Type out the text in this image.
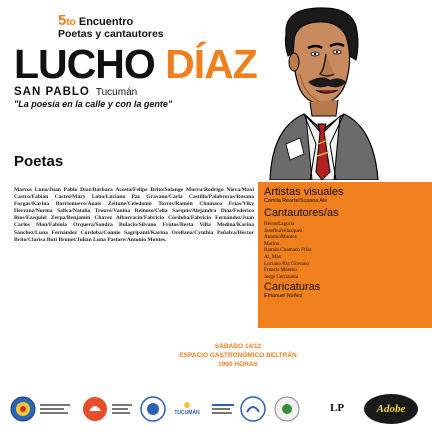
5to Encuentro
Poetas y cantautores
LUCHO DÍAZ
SAN PABLO Tucumán
"La poesía en la calle y con la gente"
Poetas
Marcos Luna/Juan Pablo Díaz/Bárbara Acosta/Felipe Brito/Solange Murru/Rodrigo Nieva/Maxi Castro/Fabián Castro/Mary Lobo/Luciano Paz Gravano/Carla Castillo/Palabreras/Rosana Forgas/Karina Barrionuevo/Anais Zeitune/Celedonio Torres/Ramón Chamaco Frías/Viky Herranz/Norma Salica/Natalia Trouvé/Vanina Reinoso/Celia Sarquis/Alejandra Díaz/Federico Ríos/Ezequiel Zerpa/Benjamín Chavez Albarracín/Fabricio Córdoba/Fabricio Fernández/Juan Carlos Mon/Fabiola Orquera/Sandra Bulacio/Silvano Frutos/Berta Villa Medina/Karina Sánchez/Luna Fernández Córdoba/Connie Sagripanti/Karina Orellana/Cynthia Peñalva/Héctor Brito/Clarisa Buti Brunet/Julian Luna Pastore/Antonio Montes.
Artistas visuales
Camila Rearte/Susana Ale
Cantautores/as
HéctorLagoria
JosefinaVelazquez
AntonioMontes
Marino
Ramón Chamaco Frías
Al_Maz
Luciano Paz Gravano
Francis Moreno
Jorge Cerrizuela
Caricaturas
Emanuel Nuñez
SÁBADO 14/12
ESPACIO GASTRONÓMICO BELTRÁN
1900 HORAS
TUCUMÁN	LP	Adobe
